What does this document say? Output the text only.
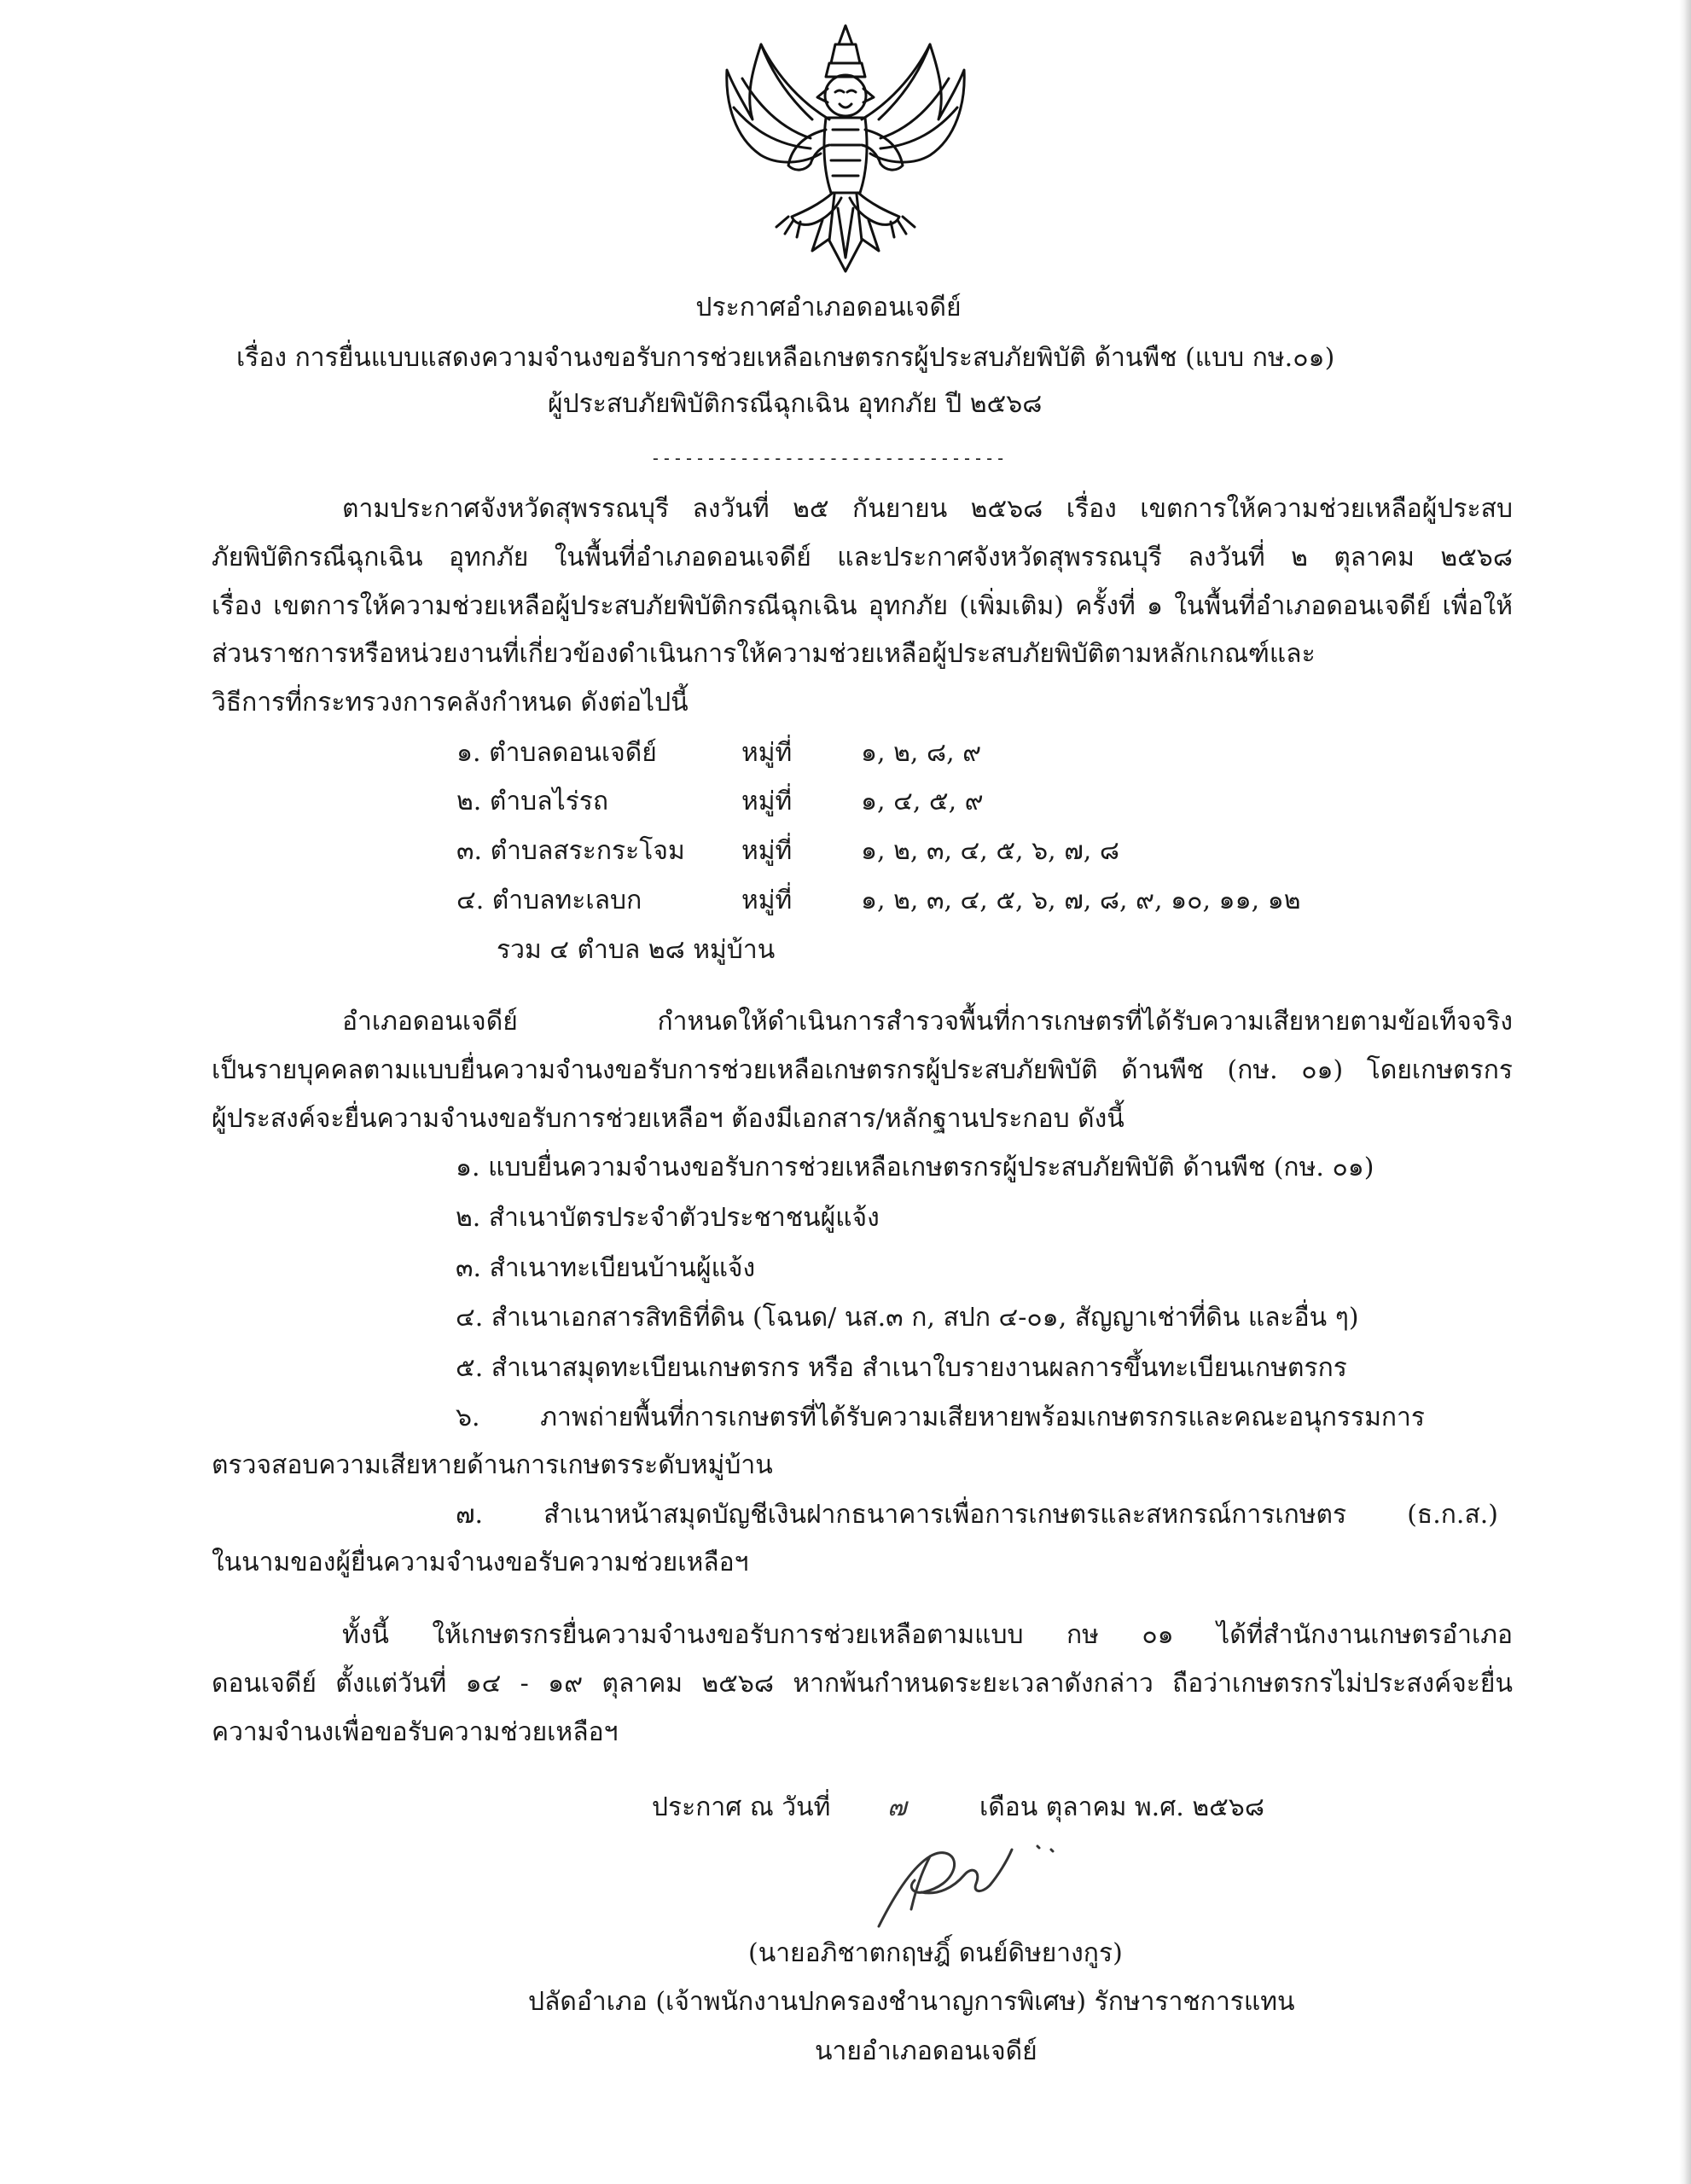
ประกาศอำเภอดอนเจดีย์
เรื่อง การยื่นแบบแสดงความจำนงขอรับการช่วยเหลือเกษตรกรผู้ประสบภัยพิบัติ ด้านพืช (แบบ กษ.๐๑)
ผู้ประสบภัยพิบัติกรณีฉุกเฉิน อุทกภัย ปี ๒๕๖๘
--------------------------------
ตามประกาศจังหวัดสุพรรณบุรี ลงวันที่ ๒๕ กันยายน ๒๕๖๘ เรื่อง เขตการให้ความช่วยเหลือผู้ประสบ
ภัยพิบัติกรณีฉุกเฉิน อุทกภัย ในพื้นที่อำเภอดอนเจดีย์ และประกาศจังหวัดสุพรรณบุรี ลงวันที่ ๒ ตุลาคม ๒๕๖๘
เรื่อง เขตการให้ความช่วยเหลือผู้ประสบภัยพิบัติกรณีฉุกเฉิน อุทกภัย (เพิ่มเติม) ครั้งที่ ๑ ในพื้นที่อำเภอดอนเจดีย์ เพื่อให้
ส่วนราชการหรือหน่วยงานที่เกี่ยวข้องดำเนินการให้ความช่วยเหลือผู้ประสบภัยพิบัติตามหลักเกณฑ์และ
วิธีการที่กระทรวงการคลังกำหนด ดังต่อไปนี้
๑. ตำบลดอนเจดีย์	หมู่ที่	๑, ๒, ๘, ๙
๒. ตำบลไร่รถ	หมู่ที่	๑, ๔, ๕, ๙
๓. ตำบลสระกระโจม หมู่ที่	๑, ๒, ๓, ๔, ๕, ๖, ๗, ๘
๔. ตำบลทะเลบก	หมู่ที่	๑, ๒, ๓, ๔, ๕, ๖, ๗, ๘, ๙, ๑๐, ๑๑, ๑๒
รวม ๔ ตำบล ๒๘ หมู่บ้าน
อำเภอดอนเจดีย์ กำหนดให้ดำเนินการสำรวจพื้นที่การเกษตรที่ได้รับความเสียหายตามข้อเท็จจริง
เป็นรายบุคคลตามแบบยื่นความจำนงขอรับการช่วยเหลือเกษตรกรผู้ประสบภัยพิบัติ ด้านพืช (กษ. ๐๑) โดยเกษตรกร
ผู้ประสงค์จะยื่นความจำนงขอรับการช่วยเหลือฯ ต้องมีเอกสาร/หลักฐานประกอบ ดังนี้
๑. แบบยื่นความจำนงขอรับการช่วยเหลือเกษตรกรผู้ประสบภัยพิบัติ ด้านพืช (กษ. ๐๑)
๒. สำเนาบัตรประจำตัวประชาชนผู้แจ้ง
๓. สำเนาทะเบียนบ้านผู้แจ้ง
๔. สำเนาเอกสารสิทธิที่ดิน (โฉนด/ นส.๓ ก, สปก ๔-๐๑, สัญญาเช่าที่ดิน และอื่น ๆ)
๕. สำเนาสมุดทะเบียนเกษตรกร หรือ สำเนาใบรายงานผลการขึ้นทะเบียนเกษตรกร
๖. ภาพถ่ายพื้นที่การเกษตรที่ได้รับความเสียหายพร้อมเกษตรกรและคณะอนุกรรมการ
ตรวจสอบความเสียหายด้านการเกษตรระดับหมู่บ้าน
๗. สำเนาหน้าสมุดบัญชีเงินฝากธนาคารเพื่อการเกษตรและสหกรณ์การเกษตร (ธ.ก.ส.)
ในนามของผู้ยื่นความจำนงขอรับความช่วยเหลือฯ
ทั้งนี้ ให้เกษตรกรยื่นความจำนงขอรับการช่วยเหลือตามแบบ กษ ๐๑ ได้ที่สำนักงานเกษตรอำเภอ
ดอนเจดีย์ ตั้งแต่วันที่ ๑๔ - ๑๙ ตุลาคม ๒๕๖๘ หากพ้นกำหนดระยะเวลาดังกล่าว ถือว่าเกษตรกรไม่ประสงค์จะยื่น
ความจำนงเพื่อขอรับความช่วยเหลือฯ
ประกาศ ณ วันที่ ๗	เดือน ตุลาคม พ.ศ. ๒๕๖๘
(นายอภิชาตกฤษฎิ์ ดนย์ดิษยางกูร)
ปลัดอำเภอ (เจ้าพนักงานปกครองชำนาญการพิเศษ) รักษาราชการแทน
นายอำเภอดอนเจดีย์
